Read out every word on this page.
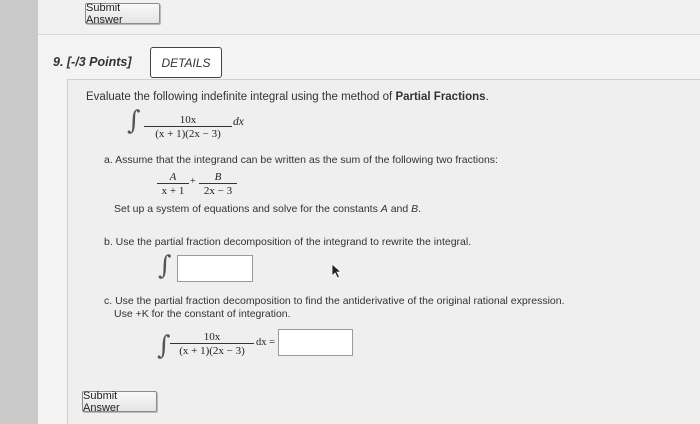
Submit Answer
9. [-/3 Points]	DETAILS
Evaluate the following indefinite integral using the method of Partial Fractions.
∫ $\frac{10x}{(x + 1)(2x - 3)}$ dx
a. Assume that the integrand can be written as the sum of the following two fractions:
$\frac{A}{x + 1} + \frac{B}{2x - 3}$
Set up a system of equations and solve for the constants A and B.
b. Use the partial fraction decomposition of the integrand to rewrite the integral.
∫
c. Use the partial fraction decomposition to find the antiderivative of the original rational expression.
Use +K for the constant of integration.
∫ $\frac{10x}{(x + 1)(2x - 3)}$ dx =
Submit Answer
